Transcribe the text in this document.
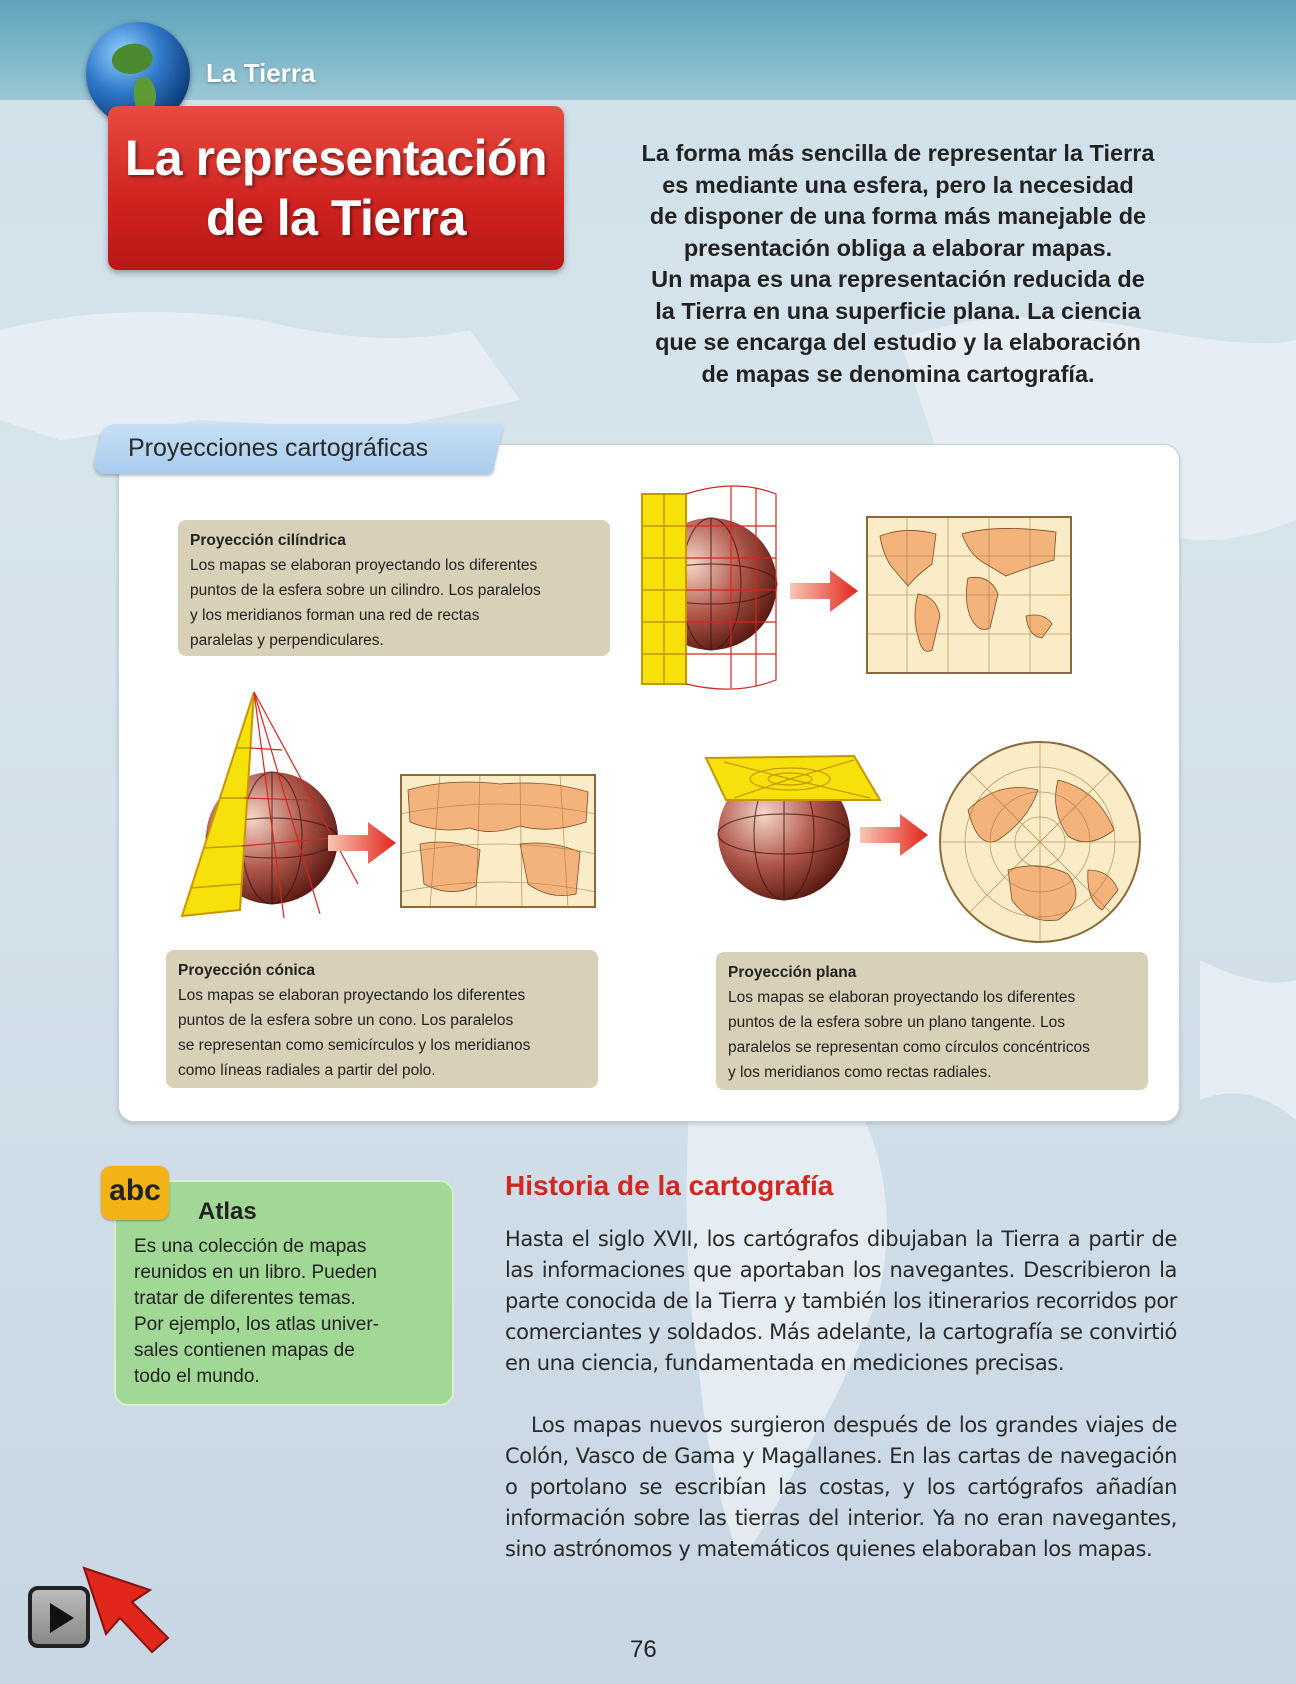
La Tierra
La representación
de la Tierra

La forma más sencilla de representar la Tierra
es mediante una esfera, pero la necesidad
de disponer de una forma más manejable de
presentación obliga a elaborar mapas.
Un mapa es una representación reducida de
la Tierra en una superficie plana. La ciencia
que se encarga del estudio y la elaboración
de mapas se denomina cartografía.

Proyecciones cartográficas
Proyección cilíndrica
Los mapas se elaboran proyectando los diferentes
puntos de la esfera sobre un cilindro. Los paralelos
y los meridianos forman una red de rectas
paralelas y perpendiculares.
Proyección cónica
Los mapas se elaboran proyectando los diferentes
puntos de la esfera sobre un cono. Los paralelos
se representan como semicírculos y los meridianos
como líneas radiales a partir del polo.
Proyección plana
Los mapas se elaboran proyectando los diferentes
puntos de la esfera sobre un plano tangente. Los
paralelos se representan como círculos concéntricos
y los meridianos como rectas radiales.
abc
Atlas

Es una colección de mapas
reunidos en un libro. Pueden
tratar de diferentes temas.
Por ejemplo, los atlas univer-
sales contienen mapas de
todo el mundo.

Historia de la cartografía

Hasta el siglo XVII, los cartógrafos dibujaban la Tierra a partir de las informaciones que aportaban los navegantes. Describieron la parte conocida de la Tierra y también los itinerarios recorridos por comerciantes y soldados. Más adelante, la cartografía se convirtió en una ciencia, fundamentada en mediciones precisas.

Los mapas nuevos surgieron después de los grandes viajes de Colón, Vasco de Gama y Magallanes. En las cartas de navegación o portolano se escribían las costas, y los cartógrafos añadían información sobre las tierras del interior. Ya no eran navegantes, sino astrónomos y matemáticos quienes elaboraban los mapas.

76
